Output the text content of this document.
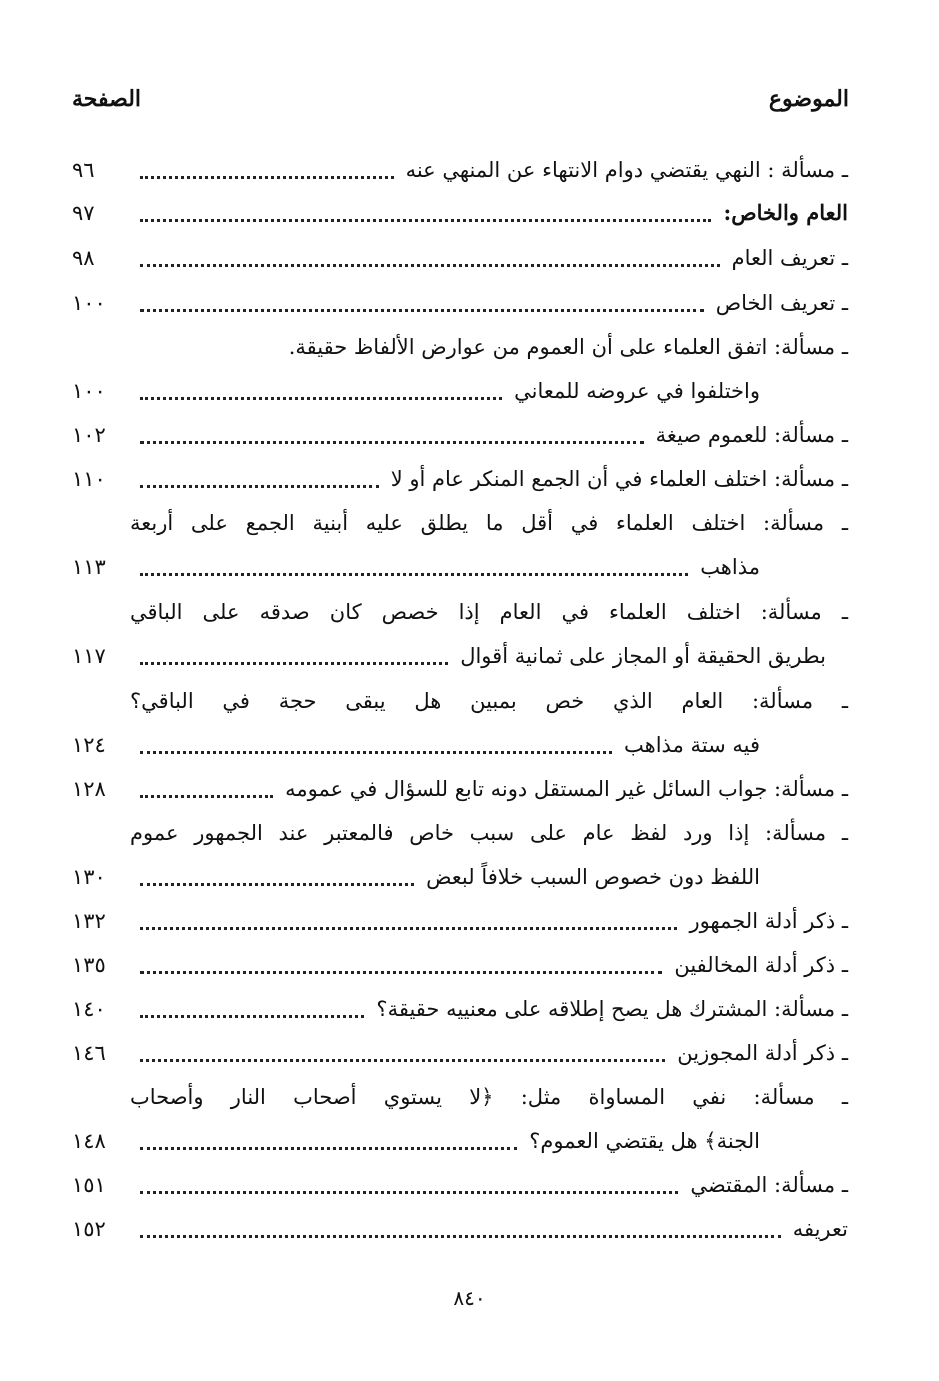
الموضوع
الصفحة
ـ مسألة : النهي يقتضي دوام الانتهاء عن المنهي عنه
٩٦
العام والخاص:
٩٧
ـ تعريف العام
٩٨
ـ تعريف الخاص
١٠٠
ـ مسألة: اتفق العلماء على أن العموم من عوارض الألفاظ حقيقة.
واختلفوا في عروضه للمعاني
١٠٠
ـ مسألة: للعموم صيغة
١٠٢
ـ مسألة: اختلف العلماء في أن الجمع المنكر عام أو لا
١١٠
ـ مسألة: اختلف العلماء في أقل ما يطلق عليه أبنية الجمع على أربعة
مذاهب
١١٣
ـ مسألة: اختلف العلماء في العام إذا خصص كان صدقه على الباقي
بطريق الحقيقة أو المجاز على ثمانية أقوال
١١٧
ـ مسألة: العام الذي خص بمبين هل يبقى حجة في الباقي؟
فيه ستة مذاهب
١٢٤
ـ مسألة: جواب السائل غير المستقل دونه تابع للسؤال في عمومه
١٢٨
ـ مسألة: إذا ورد لفظ عام على سبب خاص فالمعتبر عند الجمهور عموم
اللفظ دون خصوص السبب خلافاً لبعض
١٣٠
ـ ذكر أدلة الجمهور
١٣٢
ـ ذكر أدلة المخالفين
١٣٥
ـ مسألة: المشترك هل يصح إطلاقه على معنييه حقيقة؟
١٤٠
ـ ذكر أدلة المجوزين
١٤٦
ـ مسألة: نفي المساواة مثل: ﴿لا يستوي أصحاب النار وأصحاب
الجنة﴾ هل يقتضي العموم؟
١٤٨
ـ مسألة: المقتضي
١٥١
تعريفه
١٥٢
٨٤٠
